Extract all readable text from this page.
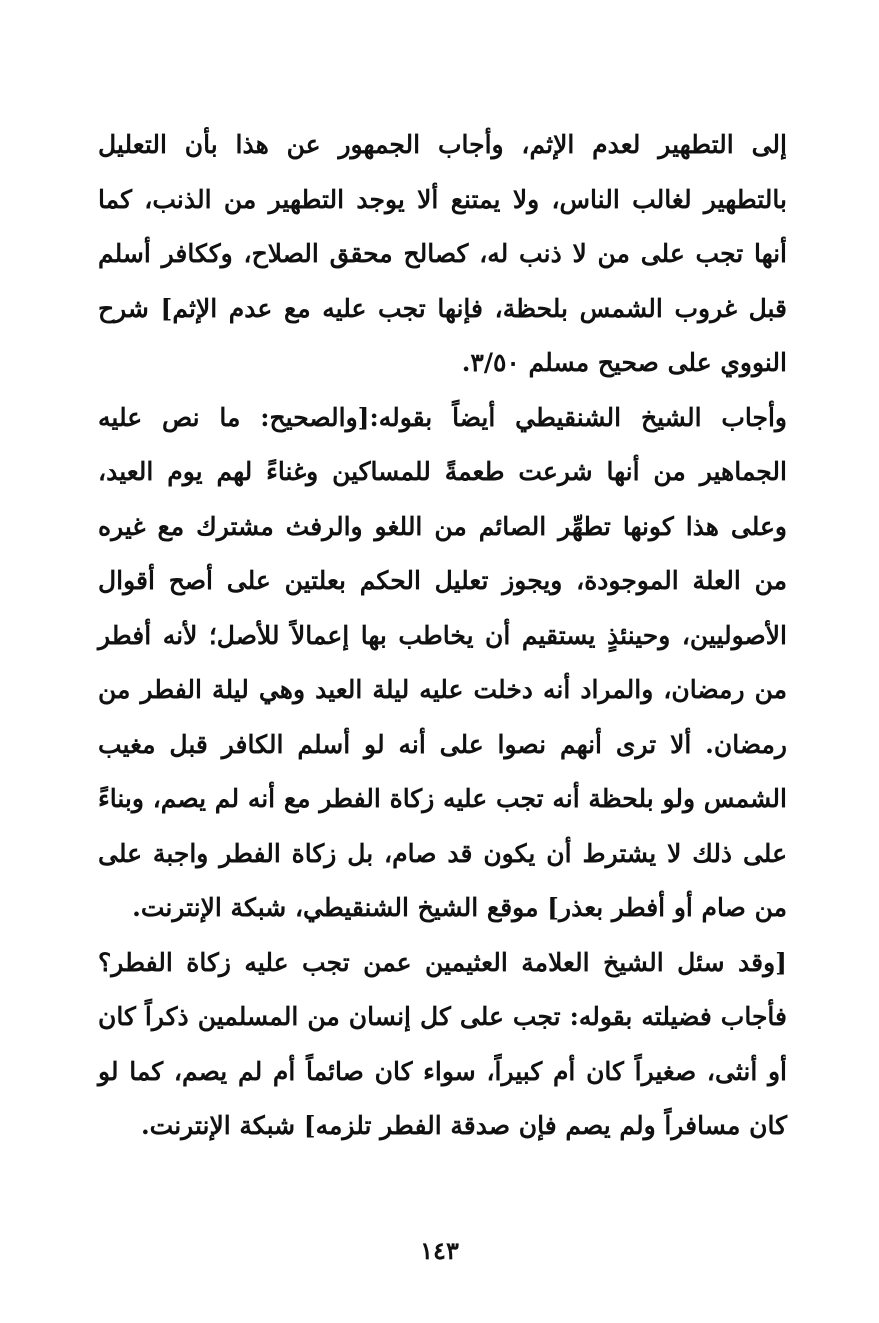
إلى التطهير لعدم الإثم، وأجاب الجمهور عن هذا بأن التعليل بالتطهير لغالب الناس، ولا يمتنع ألا يوجد التطهير من الذنب، كما أنها تجب على من لا ذنب له، كصالح محقق الصلاح، وككافر أسلم قبل غروب الشمس بلحظة، فإنها تجب عليه مع عدم الإثم] شرح النووي على صحيح مسلم ٣/٥٠.

وأجاب الشيخ الشنقيطي أيضاً بقوله:[والصحيح: ما نص عليه الجماهير من أنها شرعت طعمةً للمساكين وغناءً لهم يوم العيد، وعلى هذا كونها تطهِّر الصائم من اللغو والرفث مشترك مع غيره من العلة الموجودة، ويجوز تعليل الحكم بعلتين على أصح أقوال الأصوليين، وحينئذٍ يستقيم أن يخاطب بها إعمالاً للأصل؛ لأنه أفطر من رمضان، والمراد أنه دخلت عليه ليلة العيد وهي ليلة الفطر من رمضان. ألا ترى أنهم نصوا على أنه لو أسلم الكافر قبل مغيب الشمس ولو بلحظة أنه تجب عليه زكاة الفطر مع أنه لم يصم، وبناءً على ذلك لا يشترط أن يكون قد صام، بل زكاة الفطر واجبة على من صام أو أفطر بعذر] موقع الشيخ الشنقيطي، شبكة الإنترنت.

[وقد سئل الشيخ العلامة العثيمين عمن تجب عليه زكاة الفطر؟ فأجاب فضيلته بقوله: تجب على كل إنسان من المسلمين ذكراً كان أو أنثى، صغيراً كان أم كبيراً، سواء كان صائماً أم لم يصم، كما لو كان مسافراً ولم يصم فإن صدقة الفطر تلزمه] شبكة الإنترنت.

١٤٣
